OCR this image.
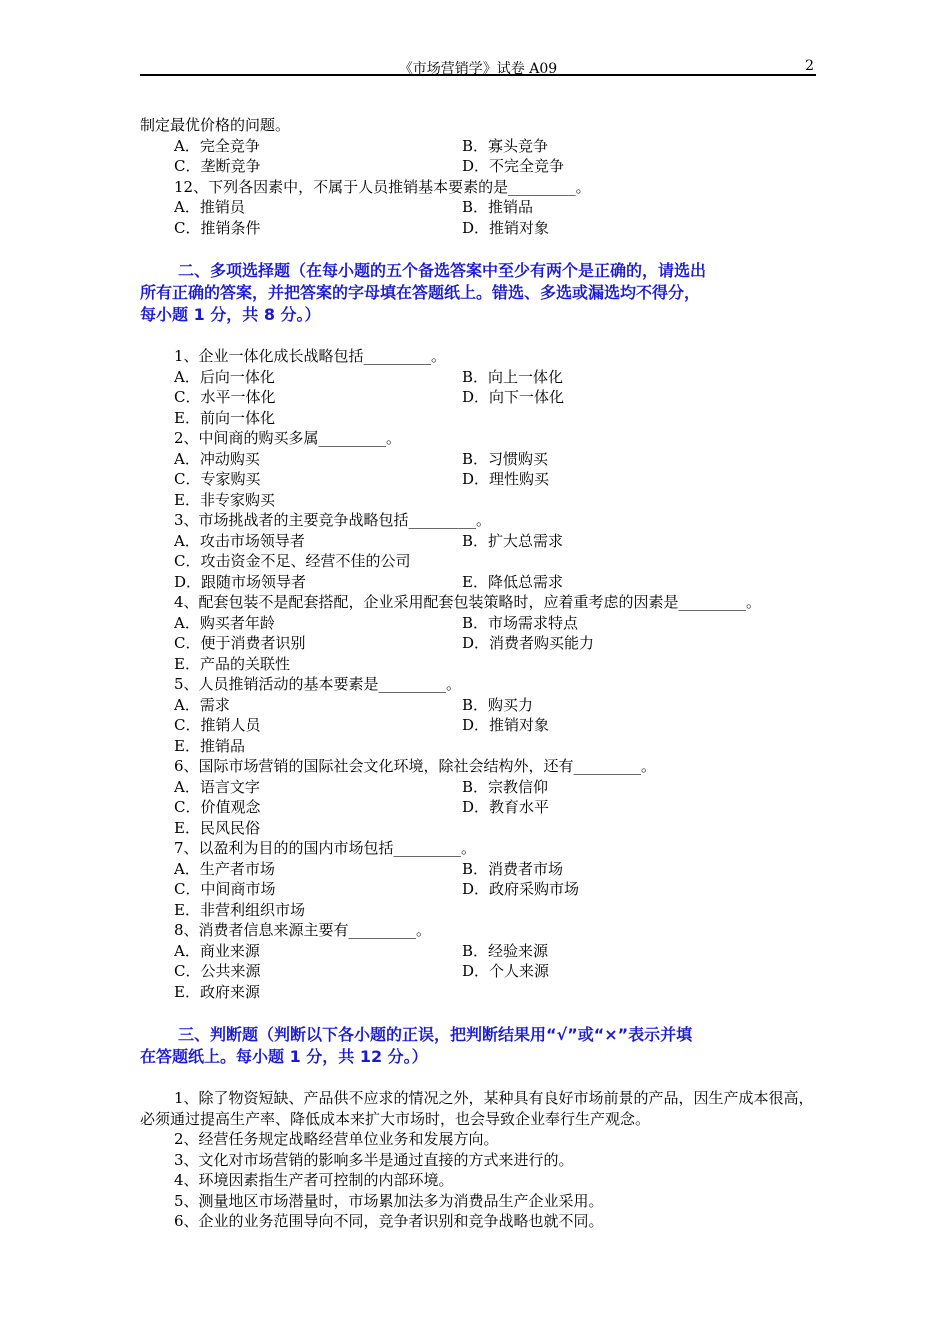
《市场营销学》试卷 A09	2
制定最优价格的问题。
A．完全竞争	B．寡头竞争
C．垄断竞争	D．不完全竞争
12、下列各因素中，不属于人员推销基本要素的是_________。
A．推销员	B．推销品
C．推销条件	D．推销对象
二、多项选择题（在每小题的五个备选答案中至少有两个是正确的，请选出
所有正确的答案，并把答案的字母填在答题纸上。错选、多选或漏选均不得分，
每小题 1 分，共 8 分。）
1、企业一体化成长战略包括_________。
A．后向一体化	B．向上一体化
C．水平一体化	D．向下一体化
E．前向一体化
2、中间商的购买多属_________。
A．冲动购买	B．习惯购买
C．专家购买	D．理性购买
E．非专家购买
3、市场挑战者的主要竞争战略包括_________。
A．攻击市场领导者	B．扩大总需求
C．攻击资金不足、经营不佳的公司
D．跟随市场领导者	E．降低总需求
4、配套包装不是配套搭配，企业采用配套包装策略时，应着重考虑的因素是_________。
A．购买者年龄	B．市场需求特点
C．便于消费者识别	D．消费者购买能力
E．产品的关联性
5、人员推销活动的基本要素是_________。
A．需求	B．购买力
C．推销人员	D．推销对象
E．推销品
6、国际市场营销的国际社会文化环境，除社会结构外，还有_________。
A．语言文字	B．宗教信仰
C．价值观念	D．教育水平
E．民风民俗
7、以盈利为目的的国内市场包括_________。
A．生产者市场	B．消费者市场
C．中间商市场	D．政府采购市场
E．非营利组织市场
8、消费者信息来源主要有_________。
A．商业来源	B．经验来源
C．公共来源	D．个人来源
E．政府来源
三、判断题（判断以下各小题的正误，把判断结果用“√”或“×”表示并填
在答题纸上。每小题 1 分，共 12 分。）
1、除了物资短缺、产品供不应求的情况之外，某种具有良好市场前景的产品，因生产成本很高，必须通过提高生产率、降低成本来扩大市场时，也会导致企业奉行生产观念。
2、经营任务规定战略经营单位业务和发展方向。
3、文化对市场营销的影响多半是通过直接的方式来进行的。
4、环境因素指生产者可控制的内部环境。
5、测量地区市场潜量时，市场累加法多为消费品生产企业采用。
6、企业的业务范围导向不同，竞争者识别和竞争战略也就不同。
